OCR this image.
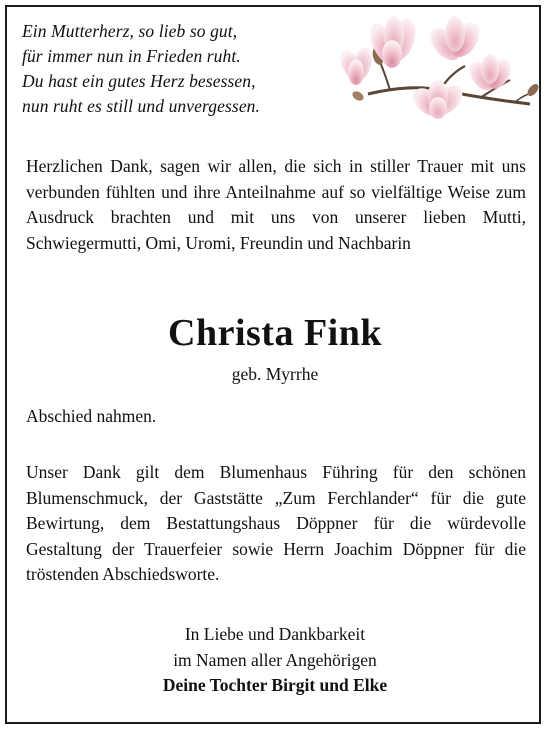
Ein Mutterherz, so lieb so gut,
für immer nun in Frieden ruht.
Du hast ein gutes Herz besessen,
nun ruht es still und unvergessen.

Herzlichen Dank, sagen wir allen, die sich in stiller Trauer mit uns verbunden fühlten und ihre Anteilnahme auf so vielfältige Weise zum Ausdruck brachten und mit uns von unserer lieben Mutti, Schwiegermutti, Omi, Uromi, Freundin und Nachbarin

Christa Fink

geb. Myrrhe

Abschied nahmen.

Unser Dank gilt dem Blumenhaus Führing für den schönen Blumenschmuck, der Gaststätte „Zum Ferchlander“ für die gute Bewirtung, dem Bestattungshaus Döppner für die würdevolle Gestaltung der Trauerfeier sowie Herrn Joachim Döppner für die tröstenden Abschiedsworte.

In Liebe und Dankbarkeit
im Namen aller Angehörigen
Deine Tochter Birgit und Elke
